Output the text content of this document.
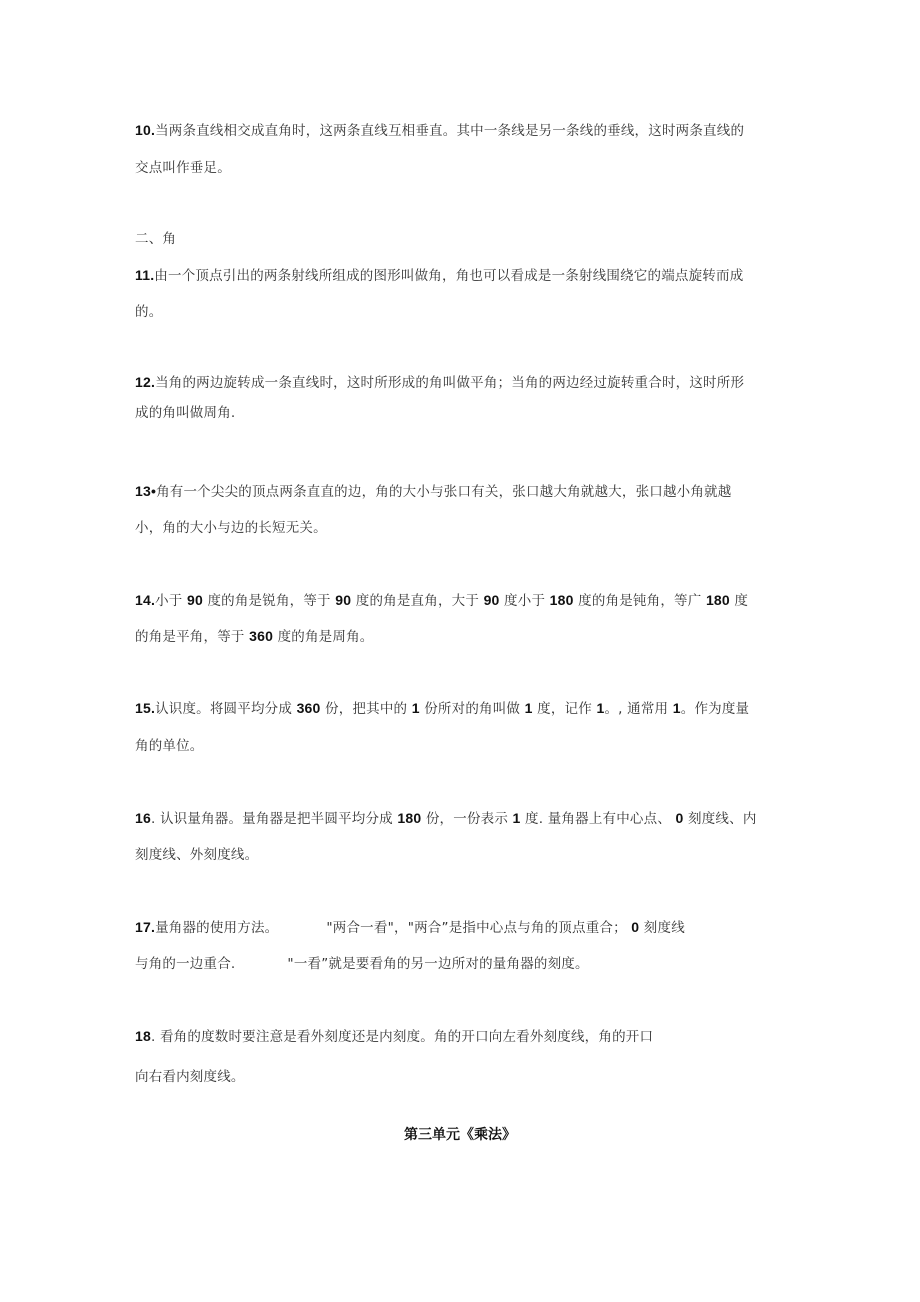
10.当两条直线相交成直角时，这两条直线互相垂直。其中一条线是另一条线的垂线，这时两条直线的
交点叫作垂足。
二、角
11.由一个顶点引出的两条射线所组成的图形叫做角，角也可以看成是一条射线围绕它的端点旋转而成
的。
12.当角的两边旋转成一条直线时，这时所形成的角叫做平角；当角的两边经过旋转重合时，这时所形
成的角叫做周角.
13•角有一个尖尖的顶点两条直直的边，角的大小与张口有关，张口越大角就越大，张口越小角就越
小，角的大小与边的长短无关。
14.小于 90 度的角是锐角，等于 90 度的角是直角，大于 90 度小于 180 度的角是钝角，等广 180 度
的角是平角，等于 360 度的角是周角。
15.认识度。将圆平均分成 360 份，把其中的 1 份所对的角叫做 1 度，记作 1。, 通常用 1。作为度量
角的单位。
16. 认识量角器。量角器是把半圆平均分成 180 份，一份表示 1 度. 量角器上有中心点、 0 刻度线、内
刻度线、外刻度线。
17.量角器的使用方法。	"两合一看"，"两合”是指中心点与角的顶点重合； 0 刻度线
与角的一边重合.	"一看”就是要看角的另一边所对的量角器的刻度。
18. 看角的度数时要注意是看外刻度还是内刻度。角的开口向左看外刻度线，角的开口
向右看内刻度线。
第三单元《乘法》
